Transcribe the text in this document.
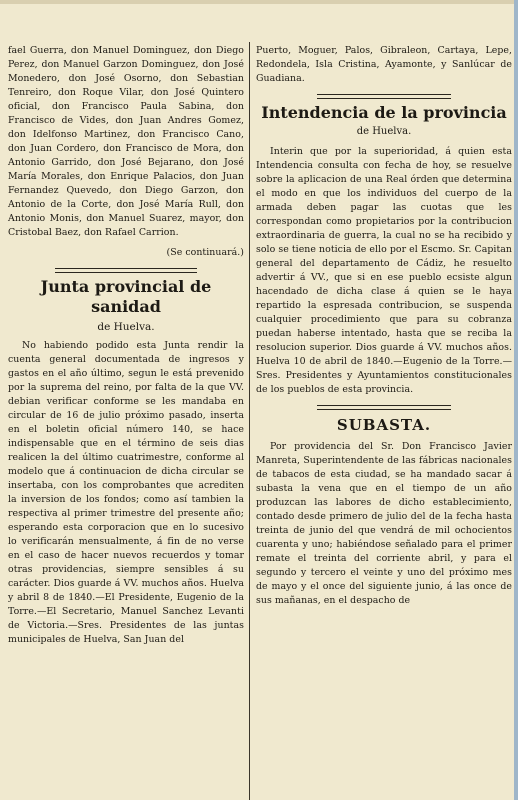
fael Guerra, don Manuel Dominguez, don Diego Perez, don Manuel Garzon Dominguez, don José Monedero, don José Osorno, don Sebastian Tenreiro, don Roque Vilar, don José Quintero oficial, don Francisco Paula Sabina, don Francisco de Vides, don Juan Andres Gomez, don Idelfonso Martinez, don Francisco Cano, don Juan Cordero, don Francisco de Mora, don Antonio Garrido, don José Bejarano, don José María Morales, don Enrique Palacios, don Juan Fernandez Quevedo, don Diego Garzon, don Antonio de la Corte, don José María Rull, don Antonio Monis, don Manuel Suarez, mayor, don Cristobal Baez, don Rafael Carrion.

(Se continuará.)

Junta provincial de sanidad
de Huelva.

No habiendo podido esta Junta rendir la cuenta general documentada de ingresos y gastos en el año último, segun le está prevenido por la suprema del reino, por falta de la que VV. debian verificar conforme se les mandaba en circular de 16 de julio próximo pasado, inserta en el boletin oficial número 140, se hace indispensable que en el término de seis dias realicen la del último cuatrimestre, conforme al modelo que á continuacion de dicha circular se insertaba, con los comprobantes que acrediten la inversion de los fondos; como así tambien la respectiva al primer trimestre del presente año; esperando esta corporacion que en lo sucesivo lo verificarán mensualmente, á fin de no verse en el caso de hacer nuevos recuerdos y tomar otras providencias, siempre sensibles á su carácter. Dios guarde á VV. muchos años. Huelva y abril 8 de 1840.—El Presidente, Eugenio de la Torre.—El Secretario, Manuel Sanchez Levanti de Victoria.—Sres. Presidentes de las juntas municipales de Huelva, San Juan del

Puerto, Moguer, Palos, Gibraleon, Cartaya, Lepe, Redondela, Isla Cristina, Ayamonte, y Sanlúcar de Guadiana.

Intendencia de la provincia
de Huelva.

Interin que por la superioridad, á quien esta Intendencia consulta con fecha de hoy, se resuelve sobre la aplicacion de una Real órden que determina el modo en que los individuos del cuerpo de la armada deben pagar las cuotas que les correspondan como propietarios por la contribucion extraordinaria de guerra, la cual no se ha recibido y solo se tiene noticia de ello por el Escmo. Sr. Capitan general del departamento de Cádiz, he resuelto advertir á VV., que si en ese pueblo ecsiste algun hacendado de dicha clase á quien se le haya repartido la espresada contribucion, se suspenda cualquier procedimiento que para su cobranza puedan haberse intentado, hasta que se reciba la resolucion superior. Dios guarde á VV. muchos años. Huelva 10 de abril de 1840.—Eugenio de la Torre.—Sres. Presidentes y Ayuntamientos constitucionales de los pueblos de esta provincia.

SUBASTA.

Por providencia del Sr. Don Francisco Javier Manreta, Superintendente de las fábricas nacionales de tabacos de esta ciudad, se ha mandado sacar á subasta la vena que en el tiempo de un año produzcan las labores de dicho establecimiento, contado desde primero de julio del de la fecha hasta treinta de junio del que vendrá de mil ochocientos cuarenta y uno; habiéndose señalado para el primer remate el treinta del corriente abril, y para el segundo y tercero el veinte y uno del próximo mes de mayo y el once del siguiente junio, á las once de sus mañanas, en el despacho de
